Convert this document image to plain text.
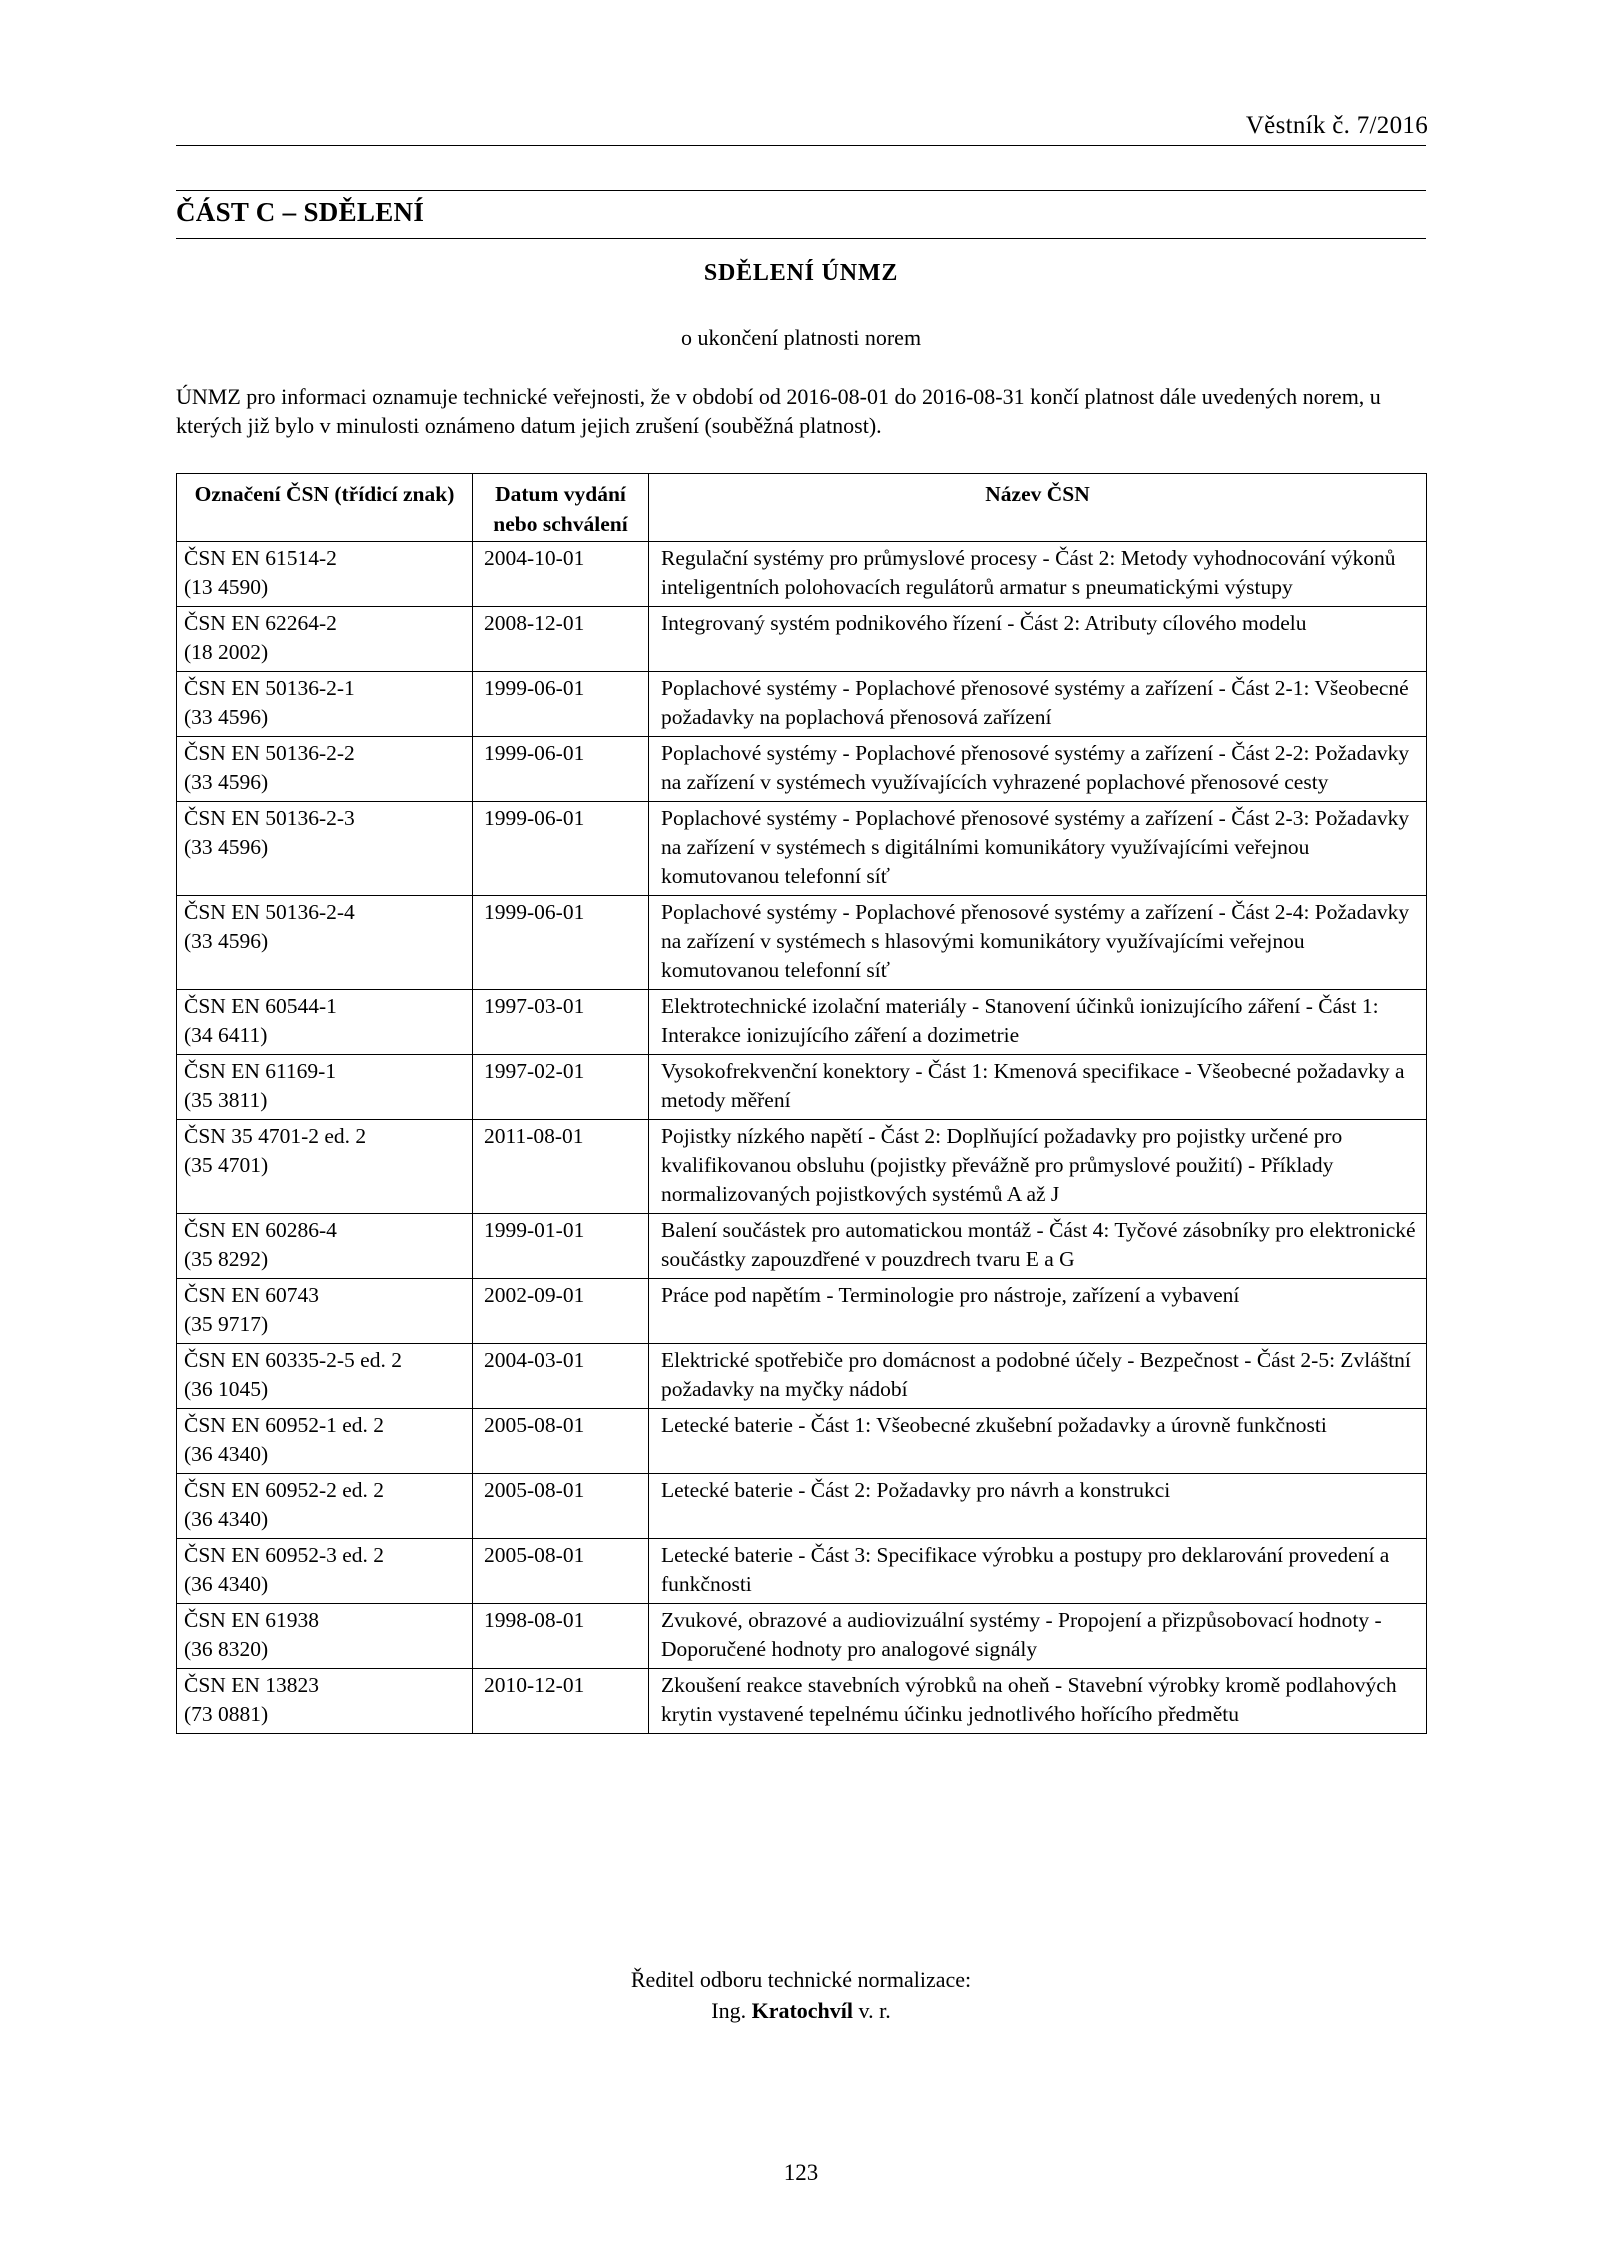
Věstník č. 7/2016
ČÁST C – SDĚLENÍ
SDĚLENÍ ÚNMZ
o ukončení platnosti norem
ÚNMZ pro informaci oznamuje technické veřejnosti, že v období od 2016-08-01 do 2016-08-31 končí platnost dále uvedených norem, u kterých již bylo v minulosti oznámeno datum jejich zrušení (souběžná platnost).
Označení ČSN (třídicí znak)	Datum vydání nebo schválení	Název ČSN

ČSN EN 61514-2
(13 4590)	2004-10-01	Regulační systémy pro průmyslové procesy - Část 2: Metody vyhodnocování výkonů inteligentních polohovacích regulátorů armatur s pneumatickými výstupy

ČSN EN 62264-2
(18 2002)	2008-12-01	Integrovaný systém podnikového řízení - Část 2: Atributy cílového modelu

ČSN EN 50136-2-1
(33 4596)	1999-06-01	Poplachové systémy - Poplachové přenosové systémy a zařízení - Část 2-1: Všeobecné požadavky na poplachová přenosová zařízení

ČSN EN 50136-2-2
(33 4596)	1999-06-01	Poplachové systémy - Poplachové přenosové systémy a zařízení - Část 2-2: Požadavky na zařízení v systémech využívajících vyhrazené poplachové přenosové cesty

ČSN EN 50136-2-3
(33 4596)	1999-06-01	Poplachové systémy - Poplachové přenosové systémy a zařízení - Část 2-3: Požadavky na zařízení v systémech s digitálními komunikátory využívajícími veřejnou komutovanou telefonní síť

ČSN EN 50136-2-4
(33 4596)	1999-06-01	Poplachové systémy - Poplachové přenosové systémy a zařízení - Část 2-4: Požadavky na zařízení v systémech s hlasovými komunikátory využívajícími veřejnou komutovanou telefonní síť

ČSN EN 60544-1
(34 6411)	1997-03-01	Elektrotechnické izolační materiály - Stanovení účinků ionizujícího záření - Část 1: Interakce ionizujícího záření a dozimetrie

ČSN EN 61169-1
(35 3811)	1997-02-01	Vysokofrekvenční konektory - Část 1: Kmenová specifikace - Všeobecné požadavky a metody měření

ČSN 35 4701-2 ed. 2
(35 4701)	2011-08-01	Pojistky nízkého napětí - Část 2: Doplňující požadavky pro pojistky určené pro kvalifikovanou obsluhu (pojistky převážně pro průmyslové použití) - Příklady normalizovaných pojistkových systémů A až J

ČSN EN 60286-4
(35 8292)	1999-01-01	Balení součástek pro automatickou montáž - Část 4: Tyčové zásobníky pro elektronické součástky zapouzdřené v pouzdrech tvaru E a G

ČSN EN 60743
(35 9717)	2002-09-01	Práce pod napětím - Terminologie pro nástroje, zařízení a vybavení

ČSN EN 60335-2-5 ed. 2
(36 1045)	2004-03-01	Elektrické spotřebiče pro domácnost a podobné účely - Bezpečnost - Část 2-5: Zvláštní požadavky na myčky nádobí

ČSN EN 60952-1 ed. 2
(36 4340)	2005-08-01	Letecké baterie - Část 1: Všeobecné zkušební požadavky a úrovně funkčnosti

ČSN EN 60952-2 ed. 2
(36 4340)	2005-08-01	Letecké baterie - Část 2: Požadavky pro návrh a konstrukci

ČSN EN 60952-3 ed. 2
(36 4340)	2005-08-01	Letecké baterie - Část 3: Specifikace výrobku a postupy pro deklarování provedení a funkčnosti

ČSN EN 61938
(36 8320)	1998-08-01	Zvukové, obrazové a audiovizuální systémy - Propojení a přizpůsobovací hodnoty - Doporučené hodnoty pro analogové signály

ČSN EN 13823
(73 0881)	2010-12-01	Zkoušení reakce stavebních výrobků na oheň - Stavební výrobky kromě podlahových krytin vystavené tepelnému účinku jednotlivého hořícího předmětu
Ředitel odboru technické normalizace:
Ing. Kratochvíl v. r.
123
